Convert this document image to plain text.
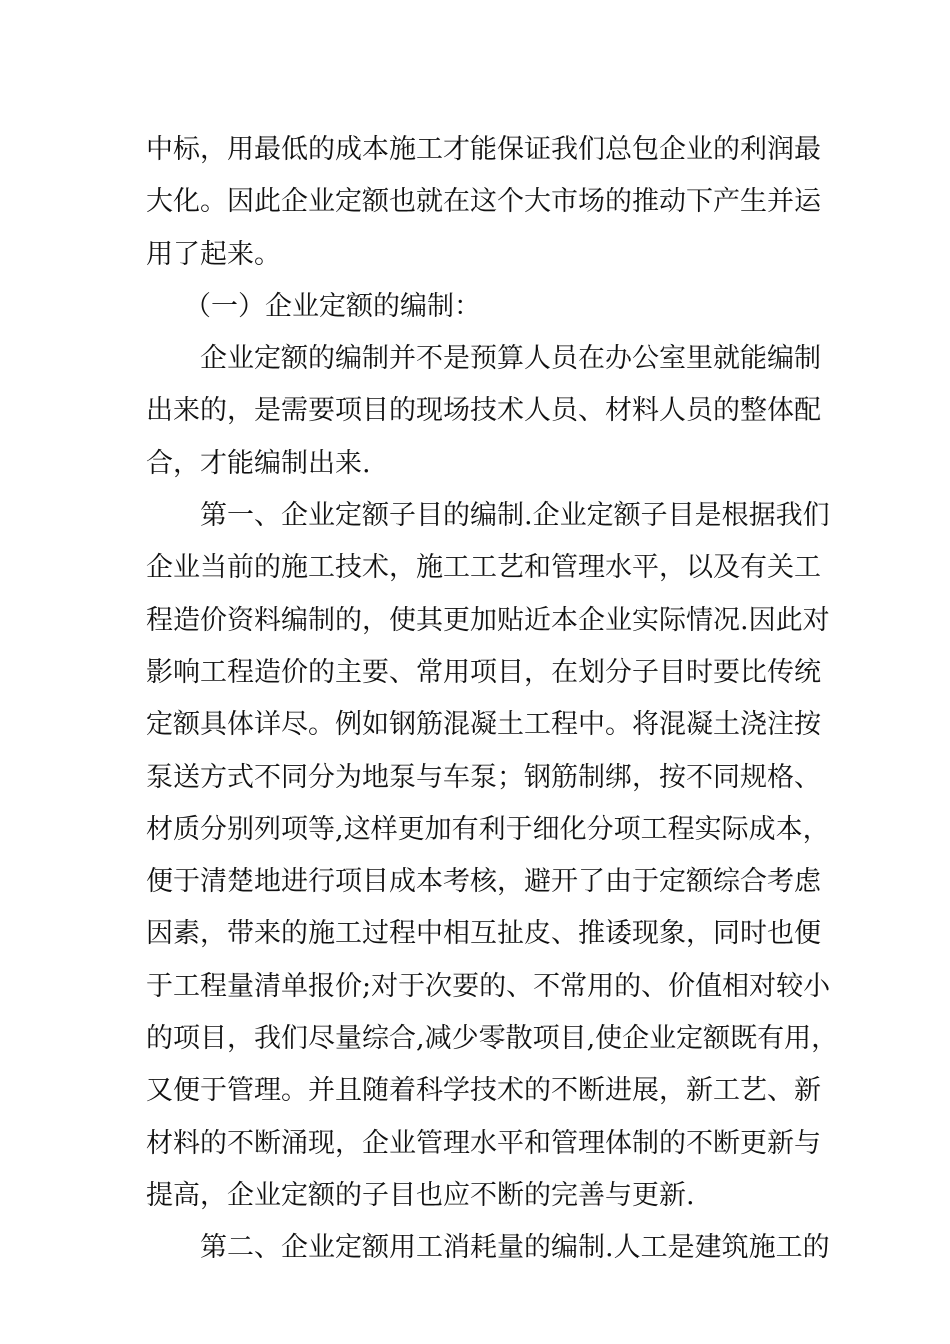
中标，用最低的成本施工才能保证我们总包企业的利润最
大化。因此企业定额也就在这个大市场的推动下产生并运
用了起来。
（一）企业定额的编制：
企业定额的编制并不是预算人员在办公室里就能编制
出来的，是需要项目的现场技术人员、材料人员的整体配
合，才能编制出来.
第一、企业定额子目的编制.企业定额子目是根据我们
企业当前的施工技术，施工工艺和管理水平，以及有关工
程造价资料编制的，使其更加贴近本企业实际情况.因此对
影响工程造价的主要、常用项目，在划分子目时要比传统
定额具体详尽。例如钢筋混凝土工程中。将混凝土浇注按
泵送方式不同分为地泵与车泵；钢筋制绑，按不同规格、
材质分别列项等,这样更加有利于细化分项工程实际成本，
便于清楚地进行项目成本考核，避开了由于定额综合考虑
因素，带来的施工过程中相互扯皮、推诿现象，同时也便
于工程量清单报价;对于次要的、不常用的、价值相对较小
的项目，我们尽量综合,减少零散项目,使企业定额既有用，
又便于管理。并且随着科学技术的不断进展，新工艺、新
材料的不断涌现，企业管理水平和管理体制的不断更新与
提高，企业定额的子目也应不断的完善与更新.
第二、企业定额用工消耗量的编制.人工是建筑施工的
